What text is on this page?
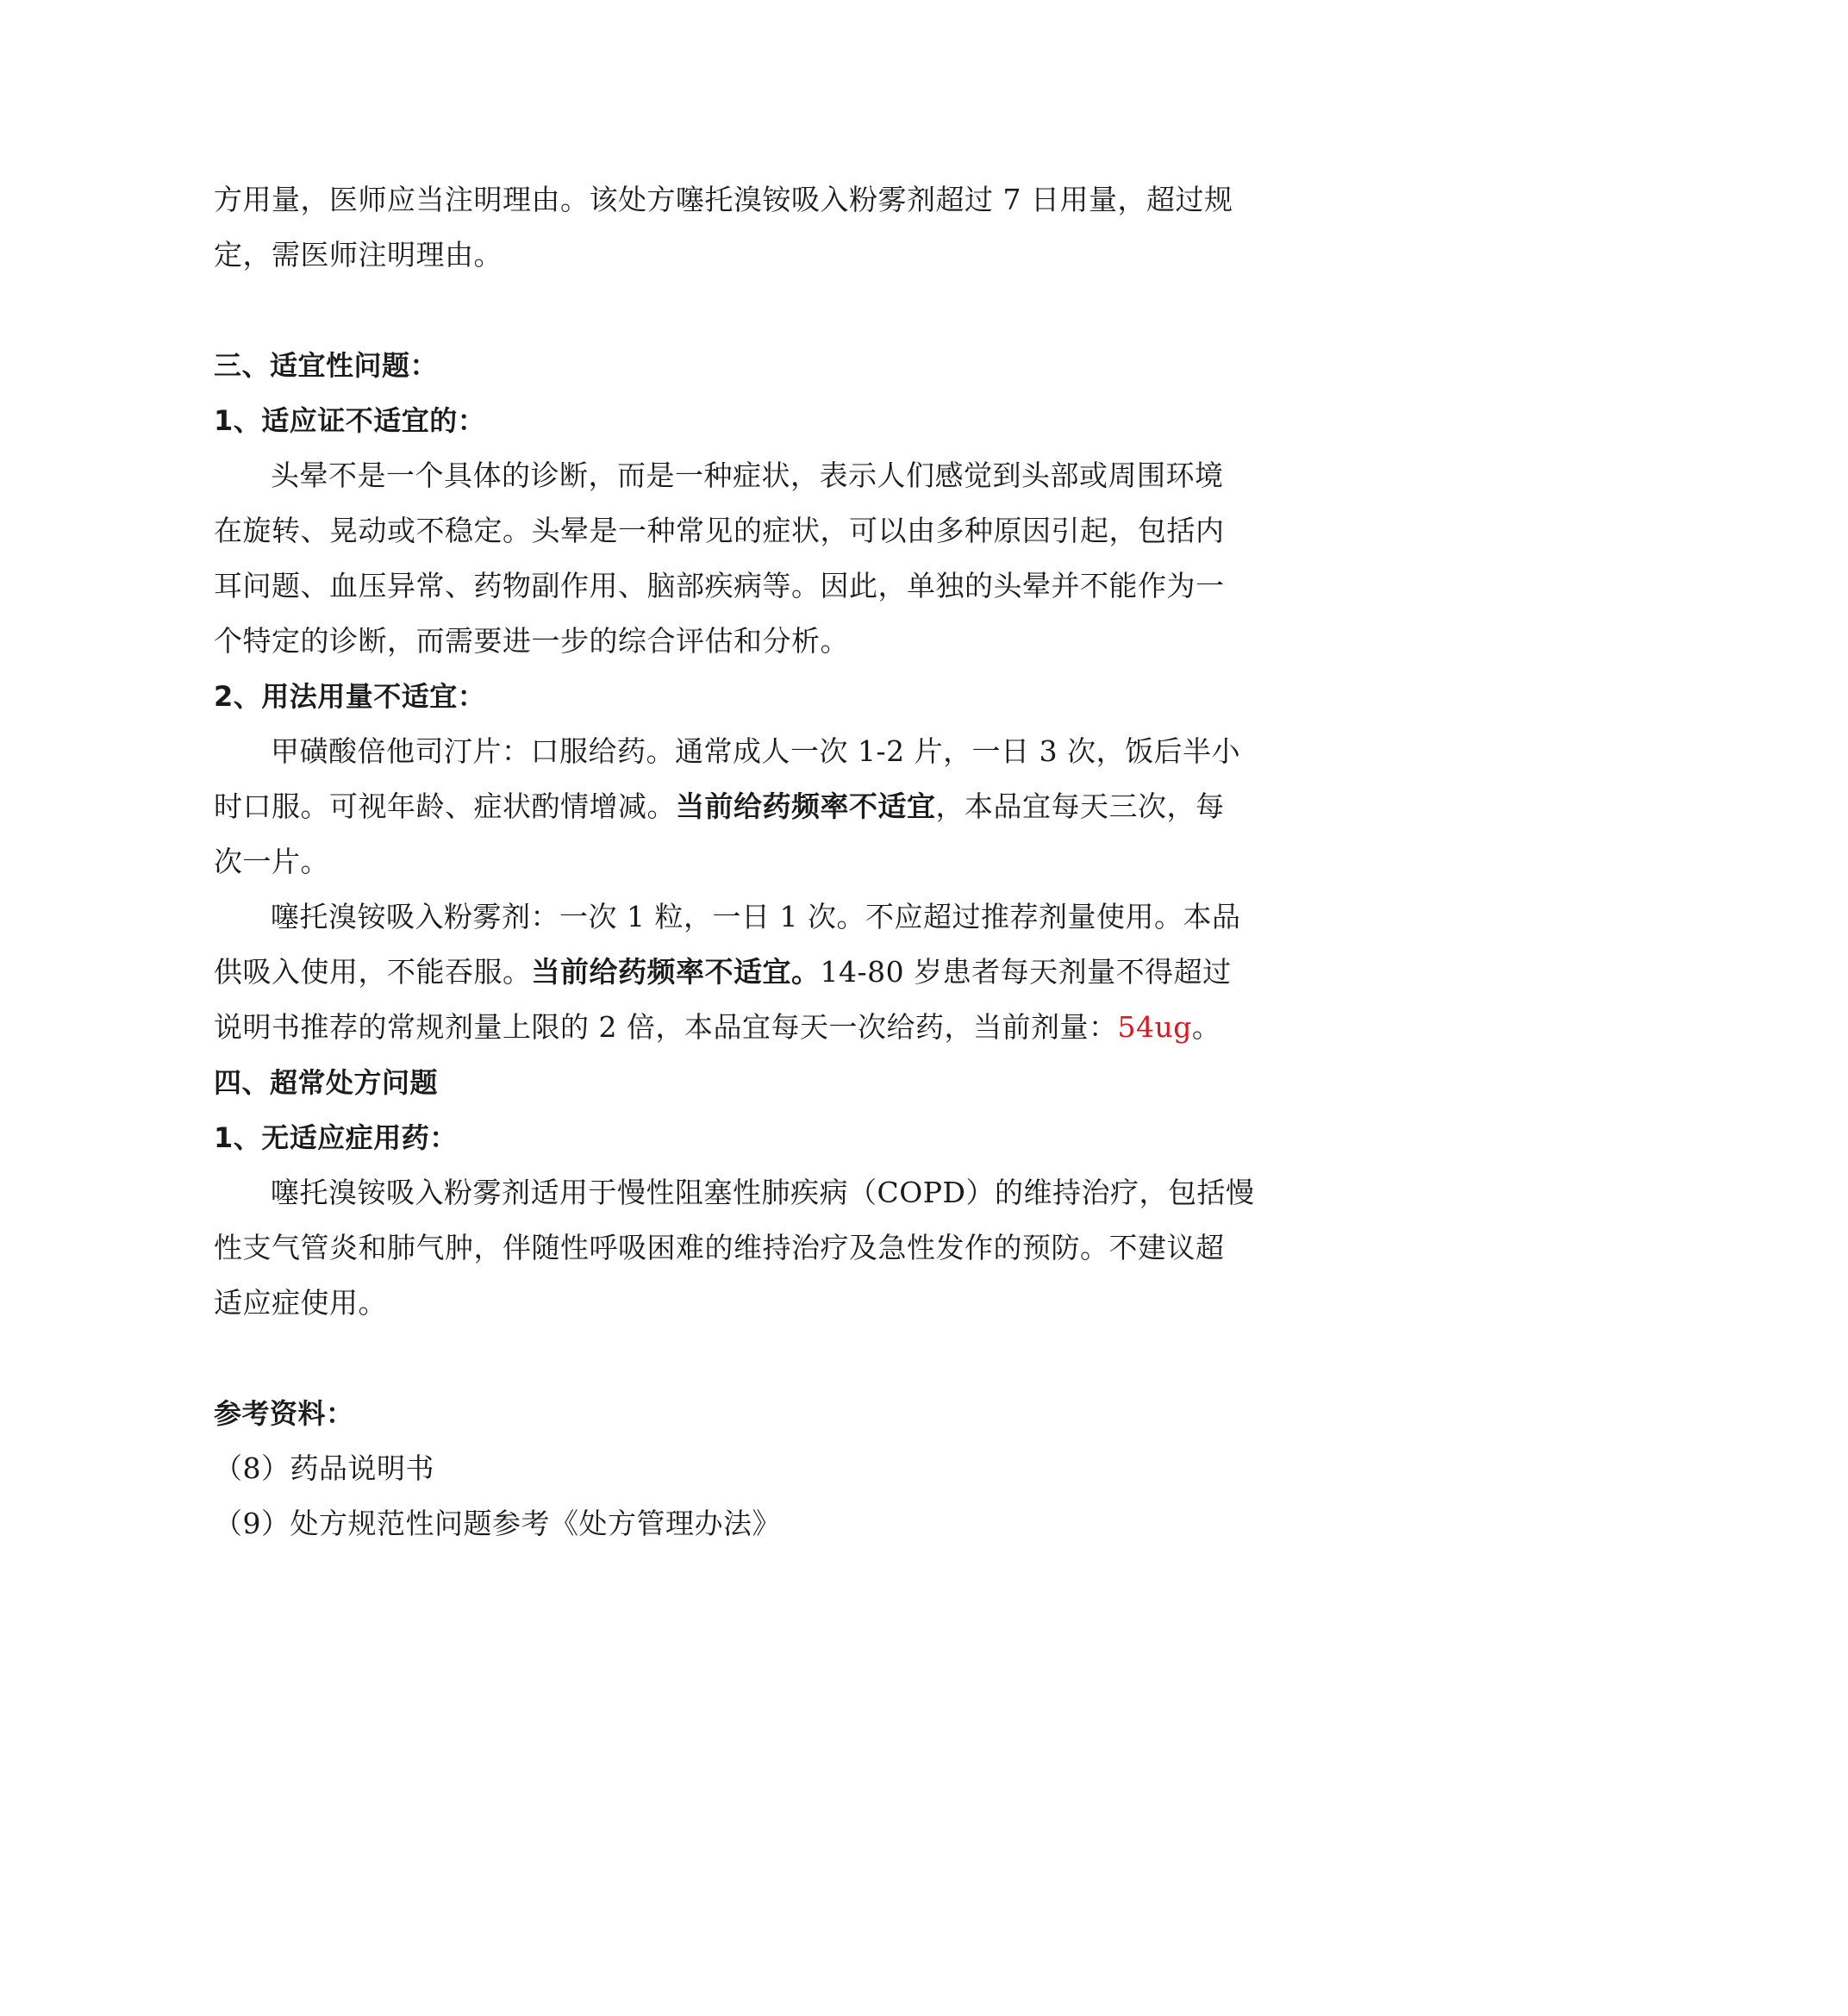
方用量，医师应当注明理由。该处方噻托溴铵吸入粉雾剂超过 7 日用量，超过规
定，需医师注明理由。
三、适宜性问题：
1、适应证不适宜的：
头晕不是一个具体的诊断，而是一种症状，表示人们感觉到头部或周围环境
在旋转、晃动或不稳定。头晕是一种常见的症状，可以由多种原因引起，包括内
耳问题、血压异常、药物副作用、脑部疾病等。因此，单独的头晕并不能作为一
个特定的诊断，而需要进一步的综合评估和分析。
2、用法用量不适宜：
甲磺酸倍他司汀片：口服给药。通常成人一次 1-2 片，一日 3 次，饭后半小
时口服。可视年龄、症状酌情增减。当前给药频率不适宜，本品宜每天三次，每
次一片。
噻托溴铵吸入粉雾剂：一次 1 粒，一日 1 次。不应超过推荐剂量使用。本品
供吸入使用，不能吞服。当前给药频率不适宜。14-80 岁患者每天剂量不得超过
说明书推荐的常规剂量上限的 2 倍，本品宜每天一次给药，当前剂量：54ug。
四、超常处方问题
1、无适应症用药：
噻托溴铵吸入粉雾剂适用于慢性阻塞性肺疾病（COPD）的维持治疗，包括慢
性支气管炎和肺气肿，伴随性呼吸困难的维持治疗及急性发作的预防。不建议超
适应症使用。
参考资料：
（8）药品说明书
（9）处方规范性问题参考《处方管理办法》
